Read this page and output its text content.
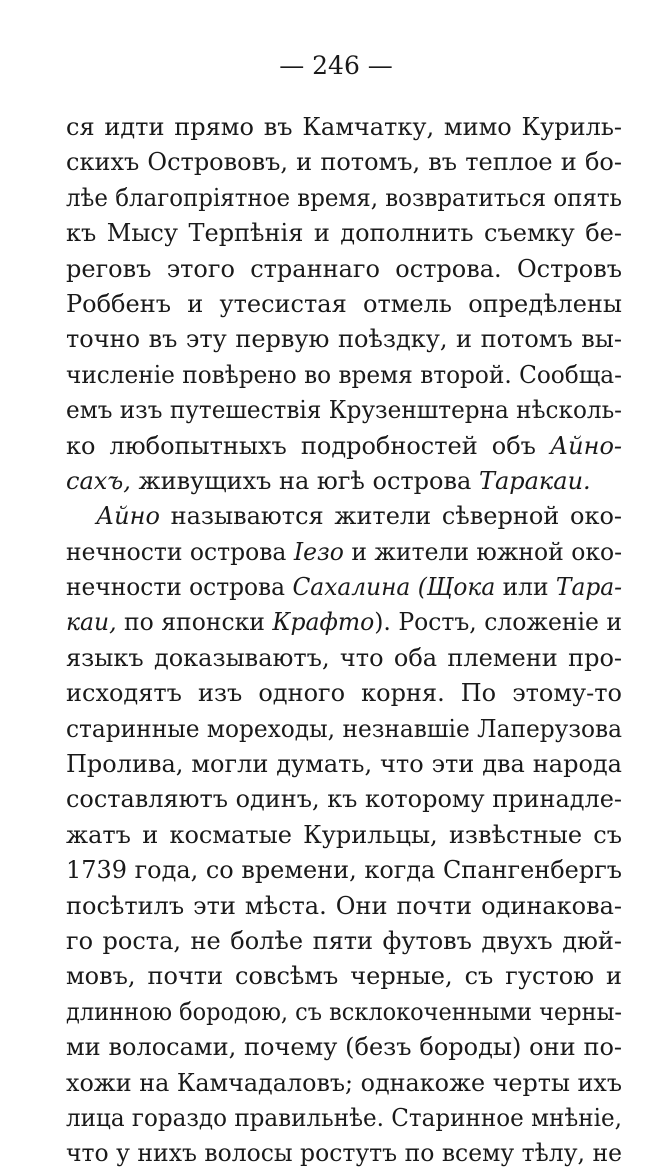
— 246 —
ся идти прямо въ Камчатку, мимо Куриль-
скихъ Острововъ, и потомъ, въ теплое и бо-
лѣе благопріятное время, возвратиться опять
къ Мысу Терпѣнія и дополнить съемку бе-
реговъ этого страннаго острова. Островъ
Роббенъ и утесистая отмель опредѣлены
точно въ эту первую поѣздку, и потомъ вы-
численіе повѣрено во время второй. Сообща-
емъ изъ путешествія Крузенштерна нѣсколь-
ко любопытныхъ подробностей объ Айно-
сахъ, живущихъ на югѣ острова Таракаи.
Айно называются жители сѣверной око-
нечности острова Іезо и жители южной око-
нечности острова Сахалина (Щока или Тара-
каи, по японски Крафто). Ростъ, сложеніе и
языкъ доказываютъ, что оба племени про-
исходятъ изъ одного корня. По этому-то
старинные мореходы, незнавшіе Лаперузова
Пролива, могли думать, что эти два народа
составляютъ одинъ, къ которому принадле-
жатъ и косматые Курильцы, извѣстные съ
1739 года, со времени, когда Спангенбергъ
посѣтилъ эти мѣста. Они почти одинакова-
го роста, не болѣе пяти футовъ двухъ дюй-
мовъ, почти совсѣмъ черные, съ густою и
длинною бородою, съ всклокоченными черны-
ми волосами, почему (безъ бороды) они по-
хожи на Камчадаловъ; однакоже черты ихъ
лица гораздо правильнѣе. Старинное мнѣніе,
что у нихъ волосы ростутъ по всему тѣлу, не
